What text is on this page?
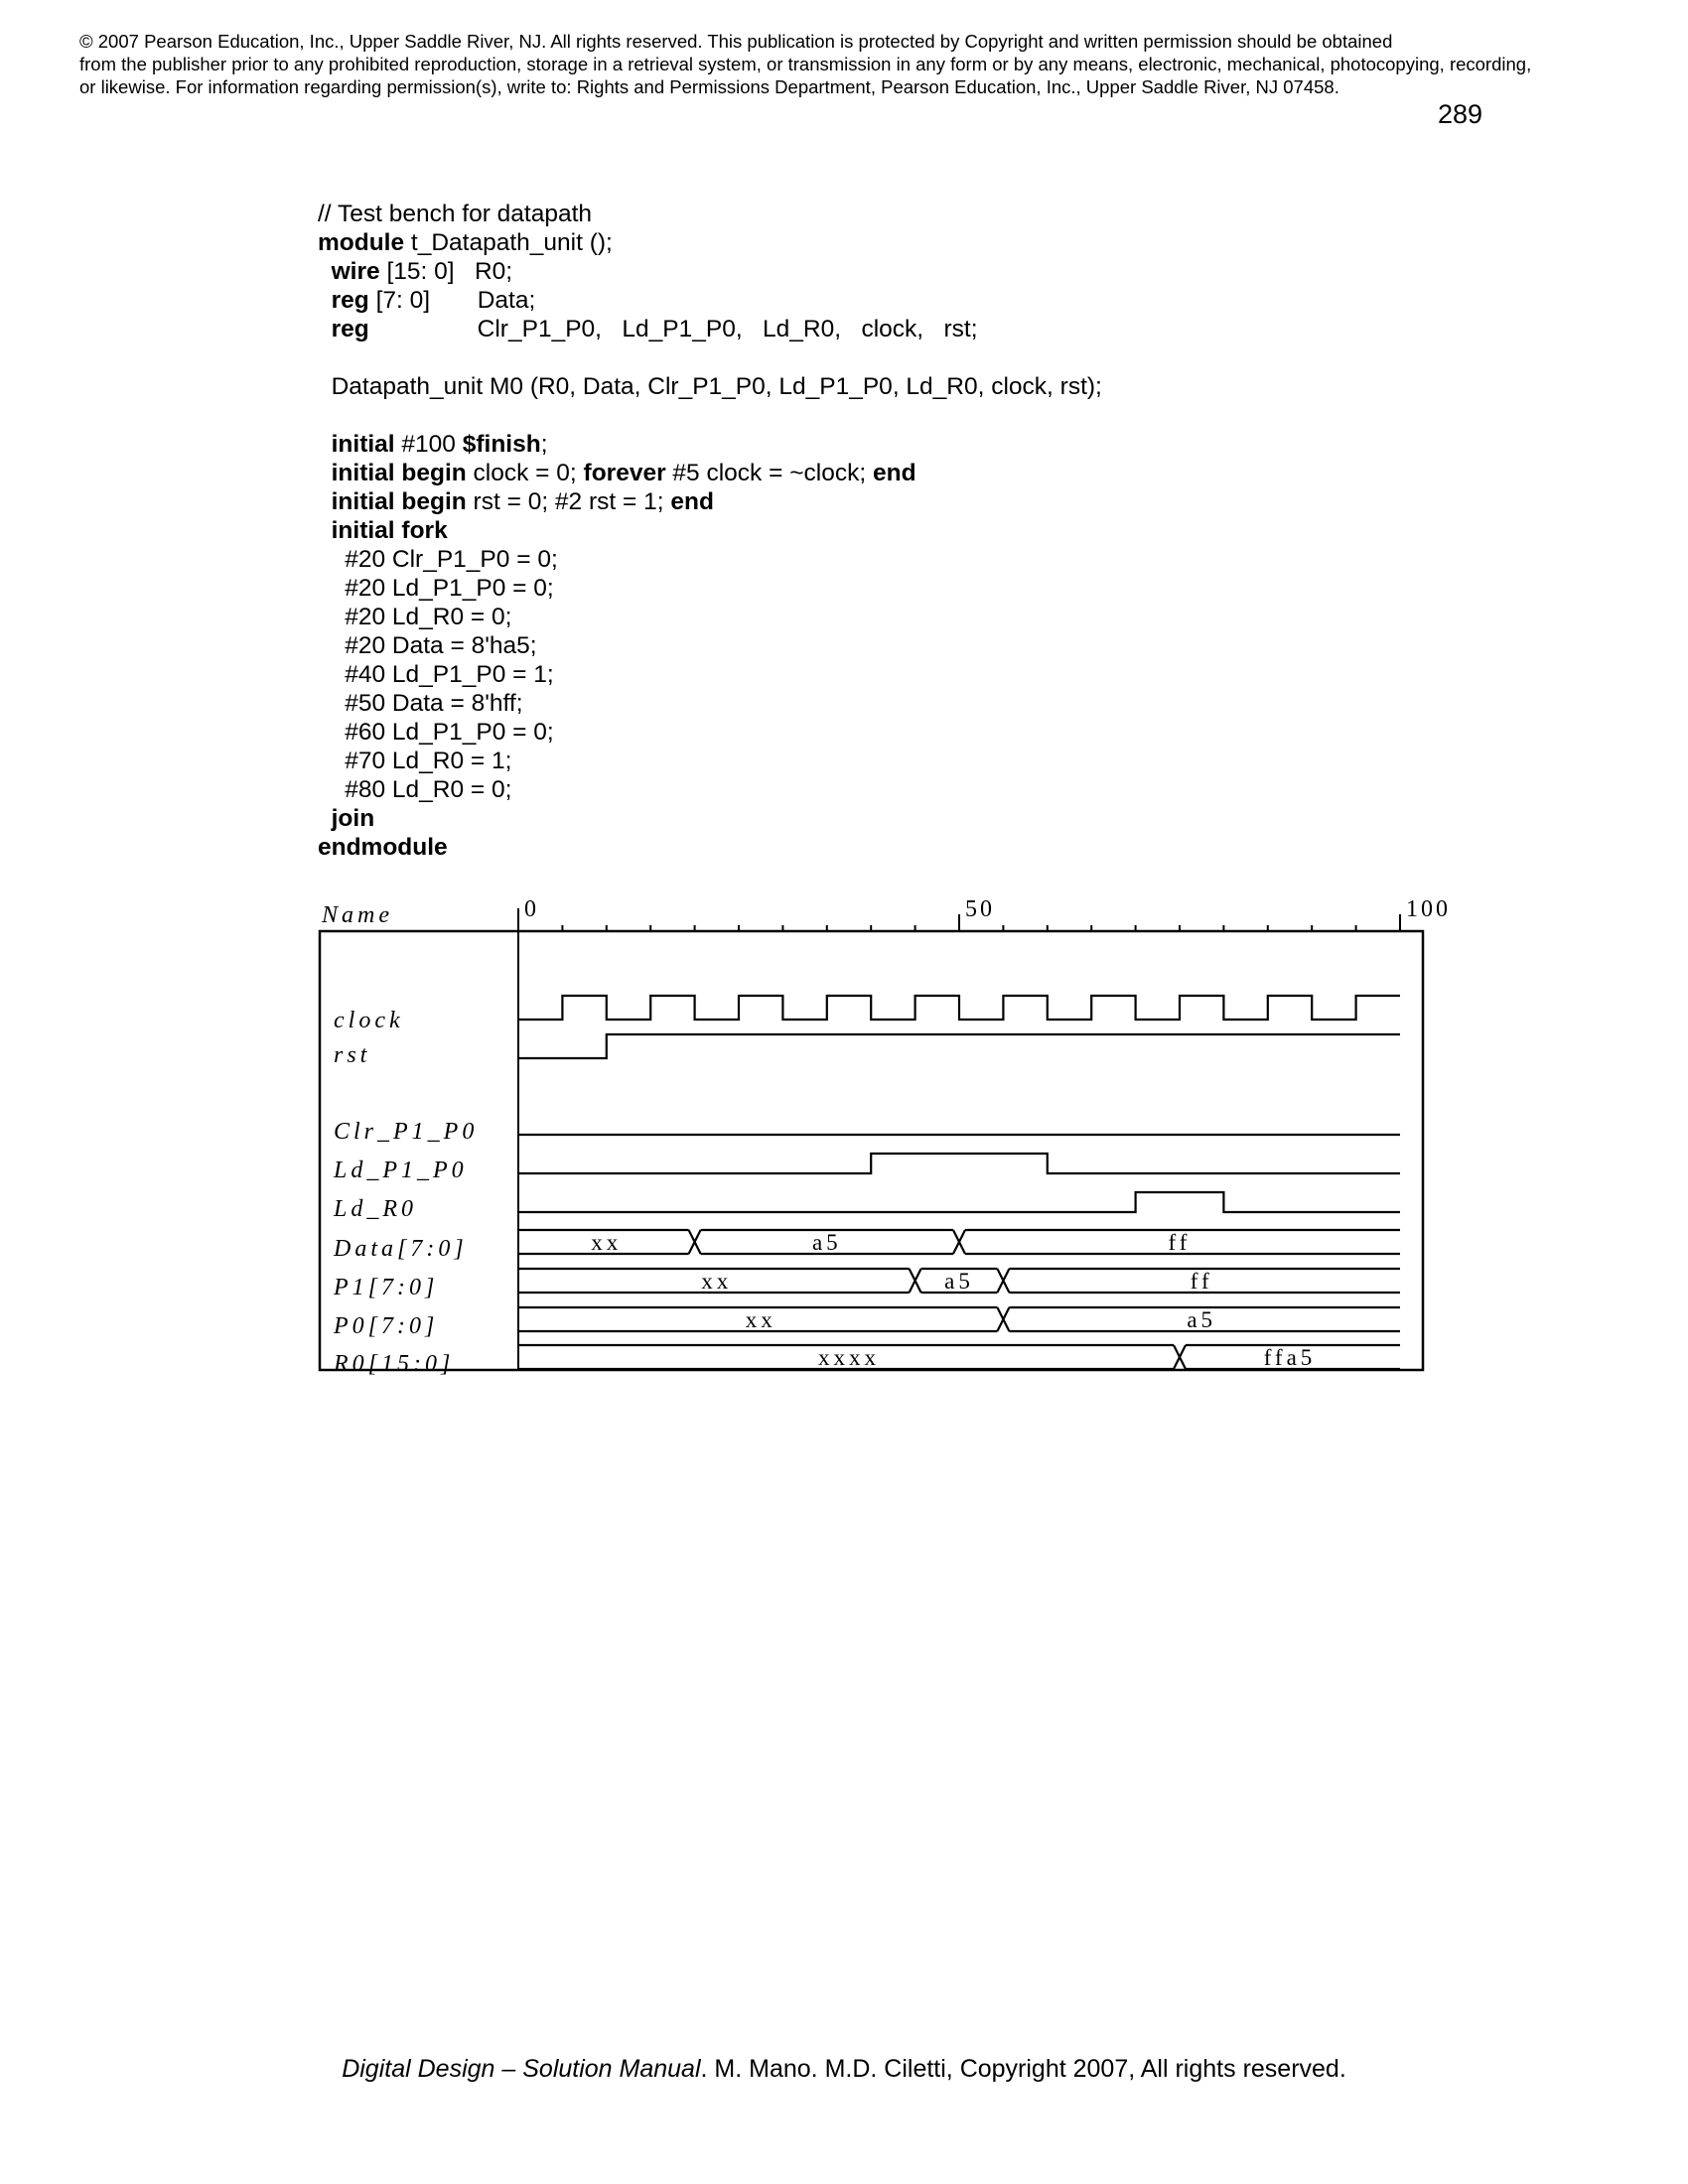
© 2007 Pearson Education, Inc., Upper Saddle River, NJ. All rights reserved. This publication is protected by Copyright and written permission should be obtained
from the publisher prior to any prohibited reproduction, storage in a retrieval system, or transmission in any form or by any means, electronic, mechanical, photocopying, recording,
or likewise. For information regarding permission(s), write to: Rights and Permissions Department, Pearson Education, Inc., Upper Saddle River, NJ 07458.
289
// Test bench for datapath
module t_Datapath_unit ();
wire [15: 0]   R0;
reg [7: 0]       Data;
reg                Clr_P1_P0,   Ld_P1_P0,   Ld_R0,   clock,   rst;
Datapath_unit M0 (R0, Data, Clr_P1_P0, Ld_P1_P0, Ld_R0, clock, rst);
initial #100 $finish;
initial begin clock = 0; forever #5 clock = ~clock; end
initial begin rst = 0; #2 rst = 1; end
initial fork
#20 Clr_P1_P0 = 0;
#20 Ld_P1_P0 = 0;
#20 Ld_R0 = 0;
#20 Data = 8'ha5;
#40 Ld_P1_P0 = 1;
#50 Data = 8'hff;
#60 Ld_P1_P0 = 0;
#70 Ld_R0 = 1;
#80 Ld_R0 = 0;
join
endmodule
Name	0	50	100
clock
rst
Clr_P1_P0
Ld_P1_P0
Ld_R0
Data[7:0]	xx	a5	ff
P1[7:0]	xx	a5	ff
P0[7:0]	xx	a5
R0[15:0]	xxxx	ffa5
Digital Design – Solution Manual. M. Mano. M.D. Ciletti, Copyright 2007, All rights reserved.
